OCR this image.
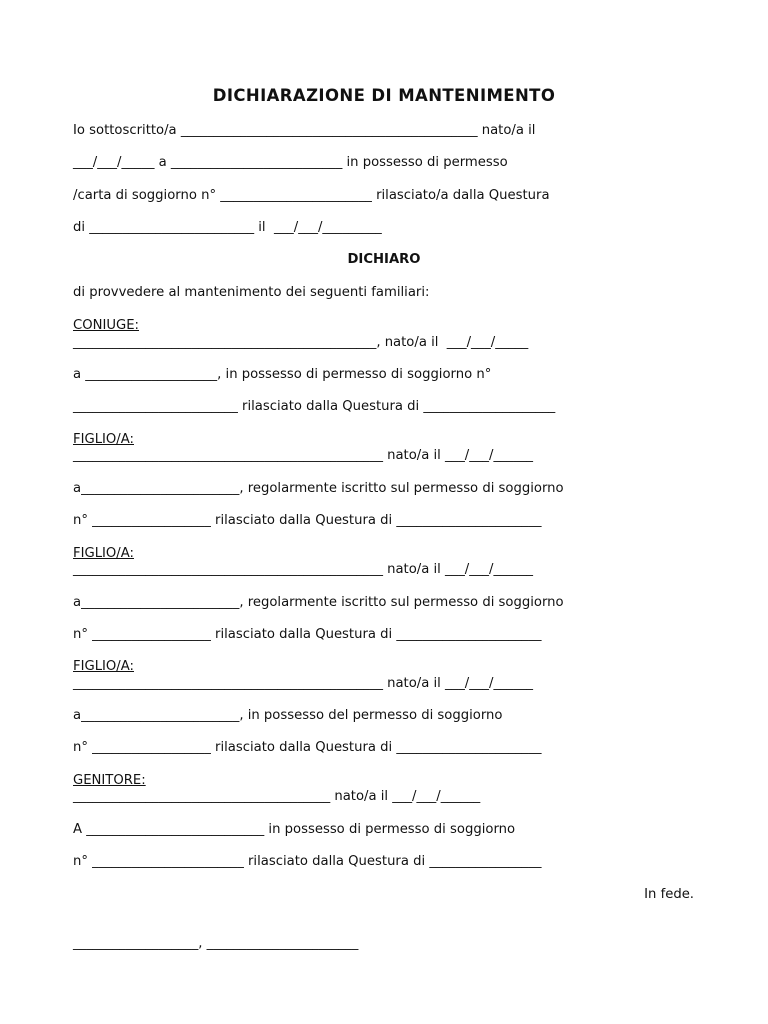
DICHIARAZIONE DI MANTENIMENTO
Io sottoscritto/a _____________________________________________ nato/a il
___/___/_____ a __________________________ in possesso di permesso
/carta di soggiorno n° _______________________ rilasciato/a dalla Questura
di _________________________ il  ___/___/_________
DICHIARO
di provvedere al mantenimento dei seguenti familiari:
CONIUGE:
______________________________________________, nato/a il  ___/___/_____
a ____________________, in possesso di permesso di soggiorno n°
_________________________ rilasciato dalla Questura di ____________________
FIGLIO/A:
_______________________________________________ nato/a il ___/___/______
a________________________, regolarmente iscritto sul permesso di soggiorno
n° __________________ rilasciato dalla Questura di ______________________
FIGLIO/A:
_______________________________________________ nato/a il ___/___/______
a________________________, regolarmente iscritto sul permesso di soggiorno
n° __________________ rilasciato dalla Questura di ______________________
FIGLIO/A:
_______________________________________________ nato/a il ___/___/______
a________________________, in possesso del permesso di soggiorno
n° __________________ rilasciato dalla Questura di ______________________
GENITORE:
_______________________________________ nato/a il ___/___/______
A ___________________________ in possesso di permesso di soggiorno
n° _______________________ rilasciato dalla Questura di _________________
In fede.
___________________, _______________________
